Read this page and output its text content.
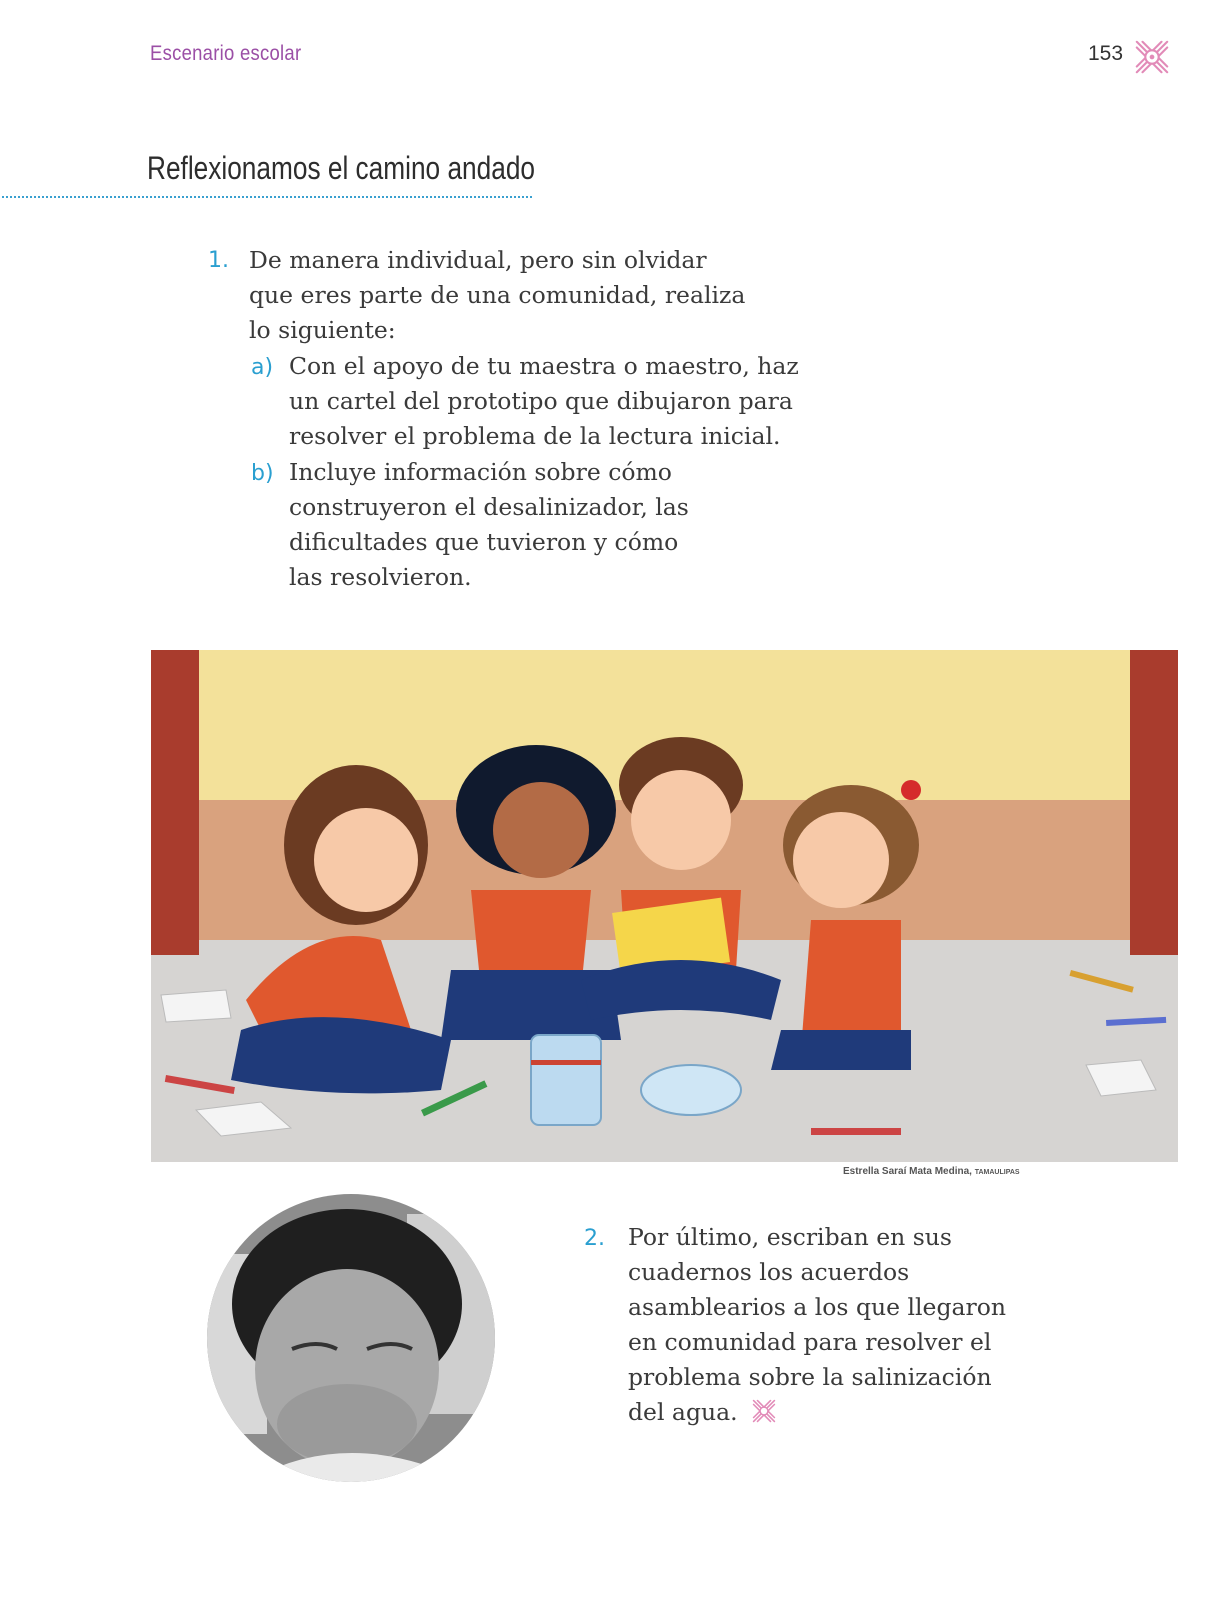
Escenario escolar	153
Reflexionamos el camino andado
1. De manera individual, pero sin olvidar
que eres parte de una comunidad, realiza
lo siguiente:
a) Con el apoyo de tu maestra o maestro, haz
un cartel del prototipo que dibujaron para
resolver el problema de la lectura inicial.
b) Incluye información sobre cómo
construyeron el desalinizador, las
dificultades que tuvieron y cómo
las resolvieron.
Estrella Saraí Mata Medina, TAMAULIPAS
2. Por último, escriban en sus
cuadernos los acuerdos
asamblearios a los que llegaron
en comunidad para resolver el
problema sobre la salinización
del agua.
